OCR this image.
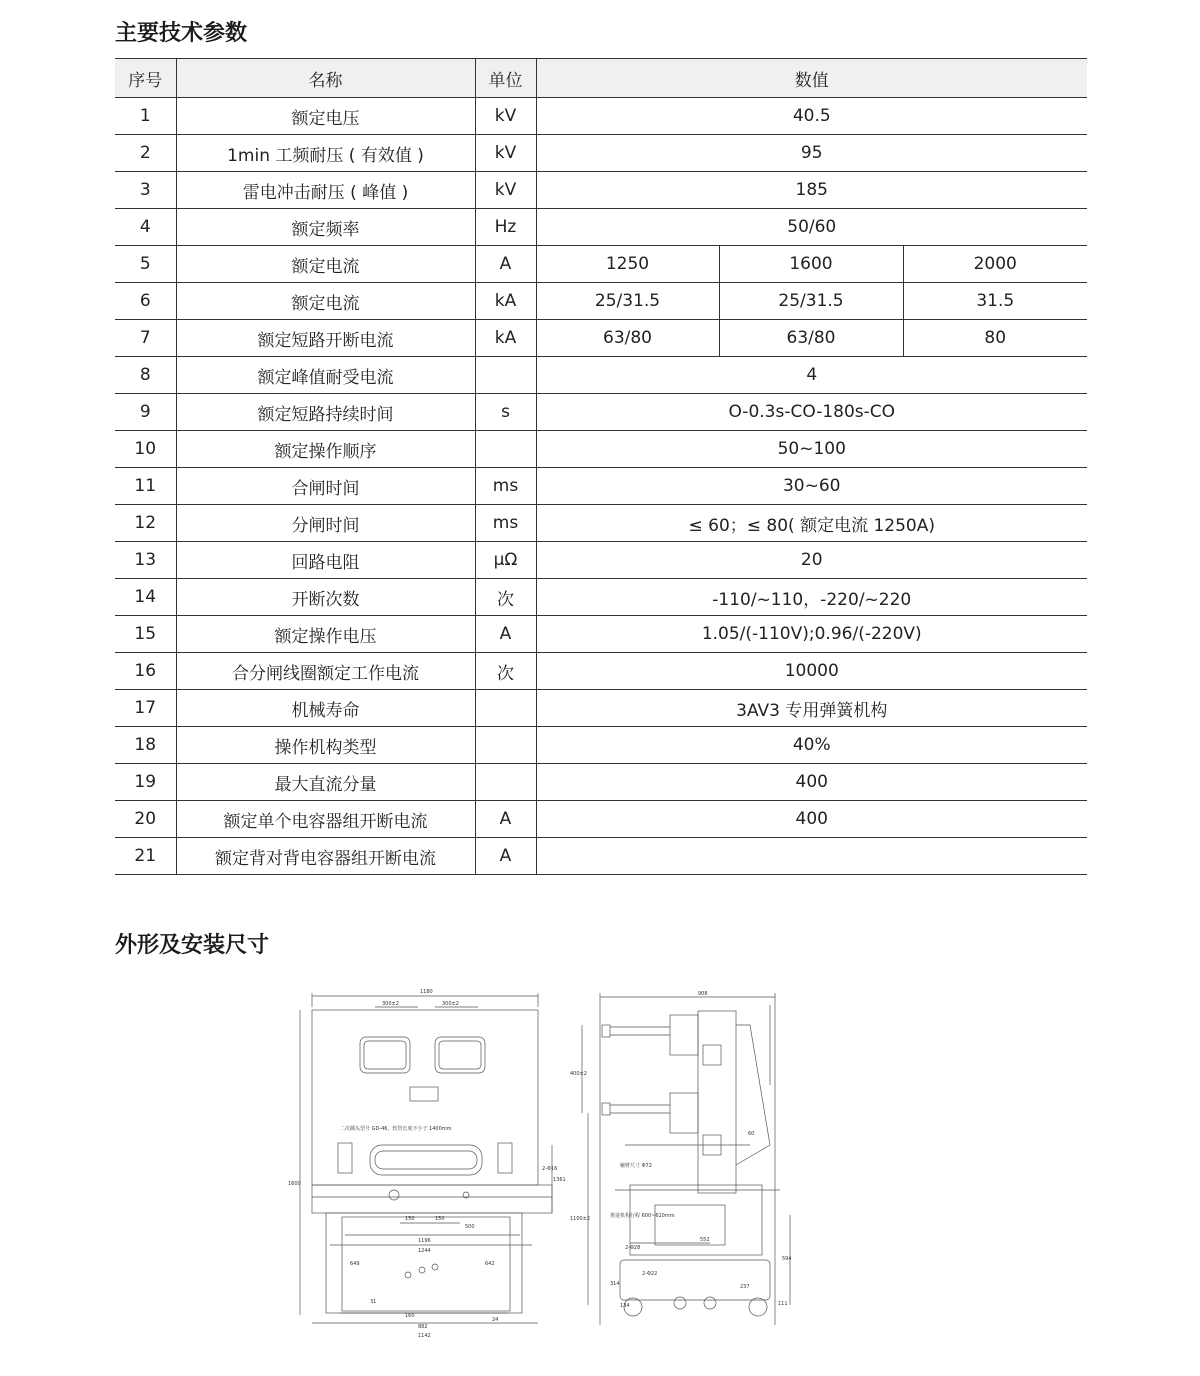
主要技术参数
序号	名称	单位	数值		
1	额定电压	kV	40.5		
2	1min 工频耐压 ( 有效值 )	kV	95		
3	雷电冲击耐压 ( 峰值 )	kV	185		
4	额定频率	Hz	50/60		
5	额定电流	A	1250	1600	2000
6	额定电流	kA	25/31.5	25/31.5	31.5
7	额定短路开断电流	kA	63/80	63/80	80
8	额定峰值耐受电流		4		
9	额定短路持续时间	s	O-0.3s-CO-180s-CO		
10	额定操作顺序		50~100		
11	合闸时间	ms	30~60		
12	分闸时间	ms	≤ 60；≤ 80( 额定电流 1250A)		
13	回路电阻	μΩ	20		
14	开断次数	次	-110/~110，-220/~220		
15	额定操作电压	A	1.05/(-110V);0.96/(-220V)		
16	合分闸线圈额定工作电流	次	10000		
17	机械寿命		3AV3 专用弹簧机构		
18	操作机构类型		40%		
19	最大直流分量		400		
20	额定单个电容器组开断电流	A	400		
21	额定背对背电容器组开断电流	A			
外形及安装尺寸
1180
300±2	300±2
二次插头型号 GD-46，软管长度不小于 1400mm
1600
2-Φ16
1361
150	150
500
1196
1244
649	642
31
160
24
882
1142
908
400±2
1100±2
触臂尺寸 Φ72
推进机构行程 600~610mm
552
2-Φ28
2-Φ22
314
134
237
594
111
60
